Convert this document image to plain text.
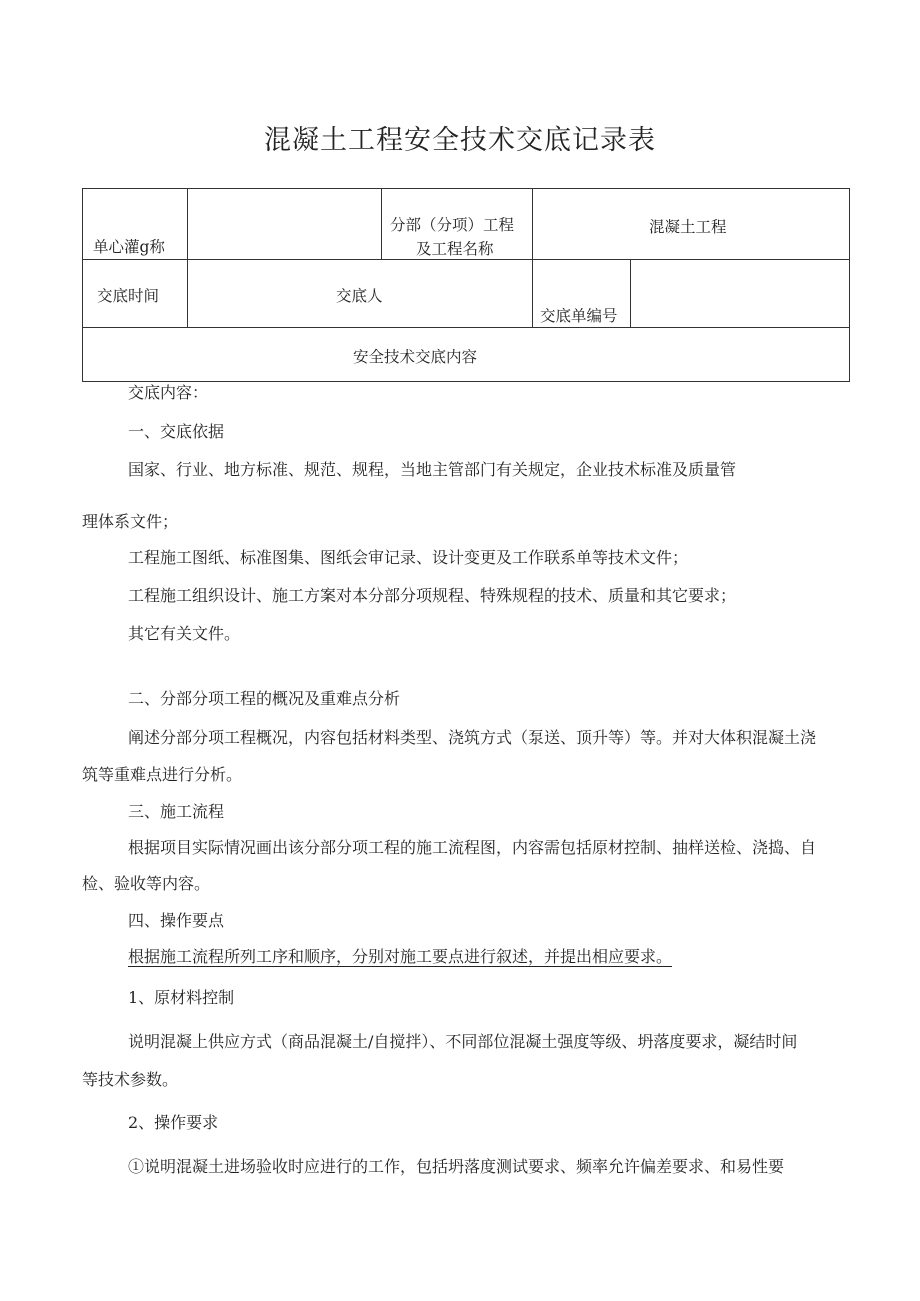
混凝土工程安全技术交底记录表
单心灌g称
分部（分项）工程
及工程名称
混凝土工程
交底时间	交底人
交底单编号
安全技术交底内容
交底内容：
一、交底依据
国家、行业、地方标准、规范、规程，当地主管部门有关规定，企业技术标准及质量管
理体系文件；
工程施工图纸、标准图集、图纸会审记录、设计变更及工作联系单等技术文件；
工程施工组织设计、施工方案对本分部分项规程、特殊规程的技术、质量和其它要求；
其它有关文件。
二、分部分项工程的概况及重难点分析
阐述分部分项工程概况，内容包括材料类型、浇筑方式（泵送、顶升等）等。并对大体积混凝土浇
筑等重难点进行分析。
三、施工流程
根据项目实际情况画出该分部分项工程的施工流程图，内容需包括原材控制、抽样送检、浇捣、自
检、验收等内容。
四、操作要点
根据施工流程所列工序和顺序，分别对施工要点进行叙述，并提出相应要求。
1、原材料控制
说明混凝上供应方式（商品混凝土/自搅拌）、不同部位混凝土强度等级、坍落度要求，凝结时间
等技术参数。
2、操作要求
①说明混凝土进场验收时应进行的工作，包括坍落度测试要求、频率允许偏差要求、和易性要
